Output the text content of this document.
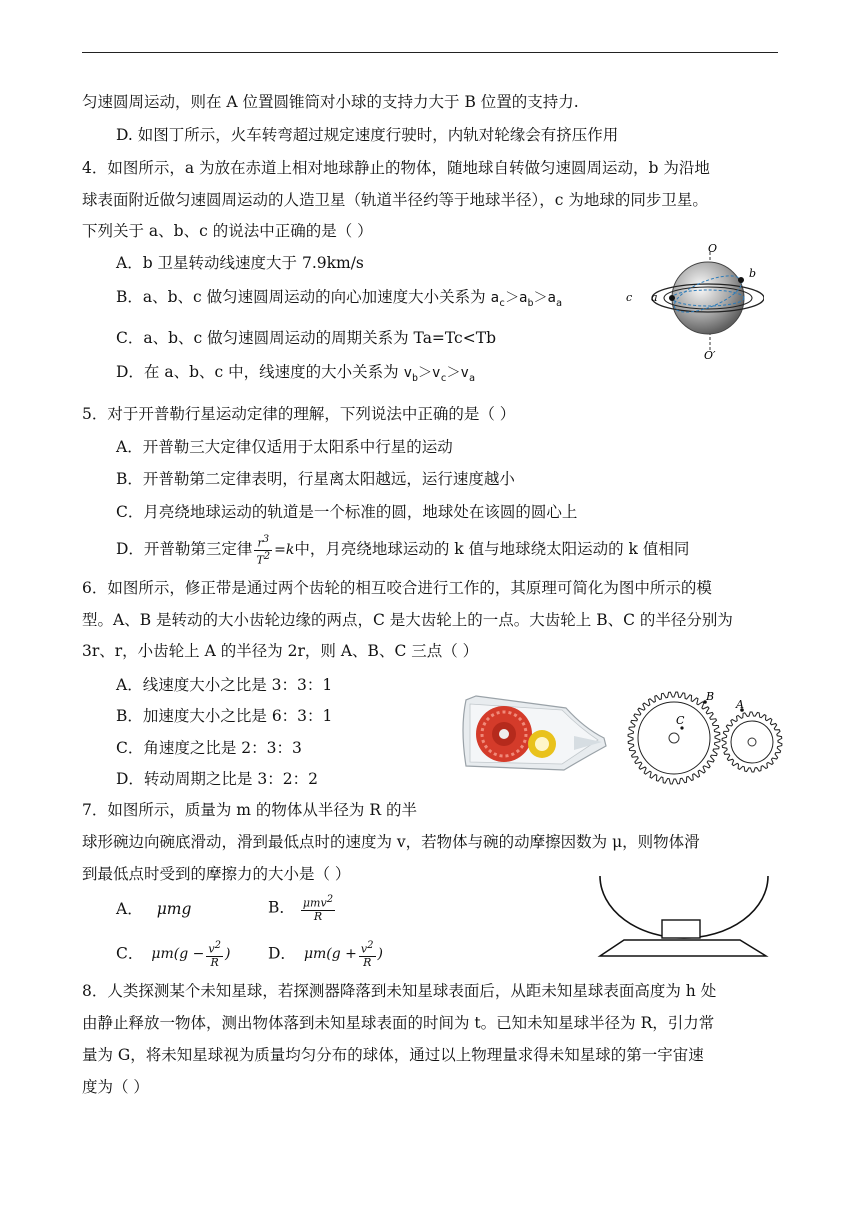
匀速圆周运动，则在 A 位置圆锥筒对小球的支持力大于 B 位置的支持力.
D. 如图丁所示，火车转弯超过规定速度行驶时，内轨对轮缘会有挤压作用
4．如图所示，a 为放在赤道上相对地球静止的物体，随地球自转做匀速圆周运动，b 为沿地
球表面附近做匀速圆周运动的人造卫星（轨道半径约等于地球半径），c 为地球的同步卫星。
下列关于 a、b、c 的说法中正确的是（ ）
A．b 卫星转动线速度大于 7.9km/s
B．a、b、c 做匀速圆周运动的向心加速度大小关系为 $a_c>a_b>a_a$
C．a、b、c 做匀速圆周运动的周期关系为 Ta=Tc<Tb
D．在 a、b、c 中，线速度的大小关系为 $v_b>v_c>v_a$
O
O′
a
b
c
5．对于开普勒行星运动定律的理解，下列说法中正确的是（ ）
A．开普勒三大定律仅适用于太阳系中行星的运动
B．开普勒第二定律表明，行星离太阳越远，运行速度越小
C．月亮绕地球运动的轨道是一个标准的圆，地球处在该圆的圆心上
D．开普勒第三定律 $\frac{r^3}{T^2} =k$中，月亮绕地球运动的 k 值与地球绕太阳运动的 k 值相同
6．如图所示，修正带是通过两个齿轮的相互咬合进行工作的，其原理可简化为图中所示的模
型。A、B 是转动的大小齿轮边缘的两点，C 是大齿轮上的一点。大齿轮上 B、C 的半径分别为
3r、r，小齿轮上 A 的半径为 2r，则 A、B、C 三点（ ）
A．线速度大小之比是 3：3：1
B．加速度大小之比是 6：3：1
C．角速度之比是 2：3：3
D．转动周期之比是 3：2：2
C
B
A
7．如图所示，质量为 m 的物体从半径为 R 的半
球形碗边向碗底滑动，滑到最低点时的速度为 v，若物体与碗的动摩擦因数为 μ，则物体滑
到最低点时受到的摩擦力的大小是（ ）
A． μmg	B． $\frac{\mu mv^2}{R}$
C． $\mu m(g - \frac{v^2}{R}$ ) D． $\mu m(g + \frac{v^2}{R}$ )
8．人类探测某个未知星球，若探测器降落到未知星球表面后，从距未知星球表面高度为 h 处
由静止释放一物体，测出物体落到未知星球表面的时间为 t。已知未知星球半径为 R，引力常
量为 G，将未知星球视为质量均匀分布的球体，通过以上物理量求得未知星球的第一宇宙速
度为（ ）
